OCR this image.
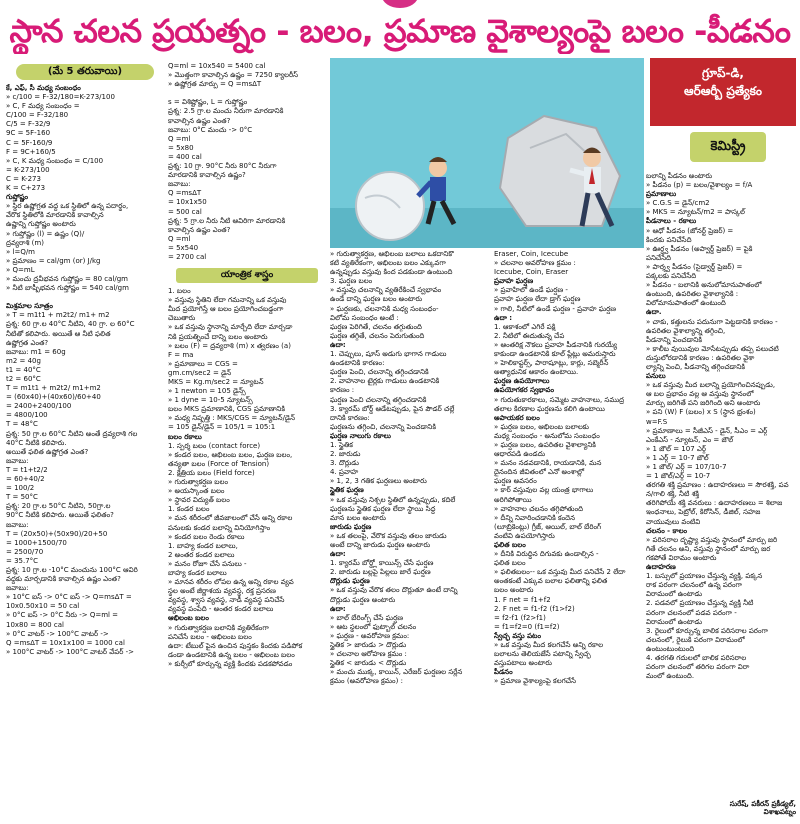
స్థాన చలన ప్రయత్నం - బలం, ప్రమాణ వైశాల్యంపై బలం -పీడనం
(మే 5 తరువాయి)
కే, ఎఫ్, సీ మధ్య సంబంధం
» c/100 = F-32/180=K-273/100
» C, F మధ్య సంబంధం =
C/100 = F-32/180
C/5 = F-32/9
9C = 5F-160
C = 5F-160/9
F = 9C+160/5
» C, K మధ్య సంబంధం = C/100
= K-273/100
C = K-273
K = C+273
గుప్తోష్ణం
» స్థిర ఉష్ణోగ్రత వద్ద ఒక స్థితిలో ఉన్న పదార్థం,
వేరొక స్థితిలోకి మారడానికి కావాల్సిన
ఉష్ణాన్ని గుప్తోష్ణం అంటారు
» గుప్తోష్ణం (l) = ఉష్ణం (Q)/
ద్రవ్యరాశి (m)
» l=Q/m
» ప్రమాణం = cal/gm (or) J/kg
» Q=mL
» మంచు ద్రవీభవన గుప్తోష్ణం = 80 cal/gm
» నీటి బాష్పీభవన గుప్తోష్ణం = 540 cal/gm

మిశ్రమాల సూత్రం
» T = m1t1 + m2t2/ m1+ m2
ప్రశ్న: 60 గ్రా.ల 40°C నీటిని, 40 గ్రా. ల 60°C
నీటితో కలిపారు. అయితే ఆ నీటి ఫలిత
ఉష్ణోగ్రత ఎంత?
జవాబు: m1 = 60g
m2 = 40g
t1 = 40°C
t2 = 60°C
T = m1t1 + m2t2/ m1+m2
= (60x40)+(40x60)/60+40
= 2400+2400/100
= 4800/100
T = 48°C
ప్రశ్న: 50 గ్రా.ల 60°C నీటిని అంతే ద్రవ్యరాశి గల
40°C నీటికి కలిపారు.
అయితే ఫలిత ఉష్ణోగ్రత ఎంత?
జవాబు:
T = t1+t2/2
= 60+40/2
= 100/2
T = 50°C
ప్రశ్న: 20 గ్రా.ల 50°C నీటిని, 50గ్రా.ల
90°C నీటికి కలిపారు. అయితే ఫలితం?
జవాబు:
T = (20x50)+(50x90)/20+50
= 1000+1500/70
= 2500/70
= 35.7°C
ప్రశ్న: 10 గ్రా.ల -10°C మంచును 100°C ఆవిరి
వద్దకు మార్చడానికి కావాల్సిన ఉష్ణం ఎంత?
జవాబు:
» 10°C ఐస్ -> 0°C ఐస్ -> Q=msΔT =
10x0.50x10 = 50 cal
» 0°C ఐస్ -> 0°C నీరు -> Q=ml =
10x80 = 800 cal
» 0°C వాటర్ -> 100°C వాటర్ ->
Q =msΔT = 10x1x100 = 1000 cal
» 100°C వాటర్ -> 100°C వాటర్ వేపర్ ->
Q=ml = 10x540 = 5400 cal
» మొత్తంగా కావాల్సిన ఉష్ణం = 7250 క్యాలరీస్
» ఉష్ణోగ్రత మార్పు = Q =msΔT

s = విశిష్టోష్ణం, L = గుప్తోష్ణం
ప్రశ్న: 2.5 గ్రా.ల మంచు నీరుగా మారడానికి
కావాల్సిన ఉష్ణం ఎంత?
జవాబు: 0°C మంచు -> 0°C
Q =ml
= 5x80
= 400 cal
ప్రశ్న: 10 గ్రా. 90°C నీరు 80°C నీరుగా
మారడానికి కావాల్సిన ఉష్ణం?
జవాబు:
Q =msΔT
= 10x1x50
= 500 cal
ప్రశ్న: 5 గ్రా.ల నీరు నీటి ఆవిరిగా మారడానికి
కావాల్సిన ఉష్ణం ఎంత?
Q =ml
= 5x540
= 2700 cal
యాంత్రిక శాస్త్రం
1. బలం
» వస్తువు స్థితిని లేదా గమనాన్ని ఒక వస్తువు
మీద ప్రయోగిస్తే ఆ బలం ప్రయోగించబడ్డంగా
చెబుతారు
» ఒక వస్తువు స్థానాన్ని మార్చేది లేదా మార్చడా
నికి ప్రయత్నించే దాన్ని బలం అంటారు
» బలం (F) = ద్రవ్యరాశి (m) x త్వరణం (a)
F = ma
» ప్రమాణాలు = CGS =
gm.cm/sec2 = డైన్
MKS = Kg.m/sec2 = న్యూటన్
» 1 newton = 105 డైన్స్
» 1 dyne = 10-5 న్యూటన్స్
బలం MKS ప్రమాణానికి, CGS ప్రమాణానికి
» మధ్య నిష్పత్తి : MKS/CGS = న్యూటన్/డైన్
= 105 డైన్/డైన్ = 105/1 = 105:1
బలం రకాలు
1. స్పర్శ బలం (contact force)
» కండర బలం, ఆభిలంబ బలం, ఘర్షణ బలం,
తన్యతా బలం (Force of Tension)
2. క్షేత్రియ బలం (Field force)
» గురుత్వాకర్షణ బలం
» అయస్కాంత బలం
» స్థావర విద్యుత్ బలం
1. కండర బలం
» మన శరీరంలో జీవజాలంలో చేసే అన్ని రకాల
పనులకు కండర బలాన్ని వినియోగిస్తాం
» కండర బలం రెండు రకాలు
1. బాహ్య కండర బలాలు,
2 అంతర కండర బలాలు
» మనం రోజూ చేసే పనులు -
బాహ్య కండర బలాలు
» మానవ శరీరం లోపల ఉన్న అన్ని రకాల వ్యవ
స్థల అంటే జీర్ణాశయ వ్యవస్థ, రక్త ప్రసరణ
వ్యవస్థ, శ్వాస వ్యవస్థ, నాడీ వ్యవస్థ పనిచేసే
వ్యవస్థ పంపేది - అంతర కండర బలాలు
ఆభిలంబ బలం
» గురుత్వాకర్షణ బలానికి వ్యతిరేకంగా
పనిచేసే బలం - ఆభిలంబ బలం
ఉదా: టేబుల్ పైన ఉంచిన పుస్తకం కిందకు పడిపోక
డండా ఉండటానికి ఉన్న బలం - ఆభిలంబ బలం
» కుర్చీలో కూర్చున్న వ్యక్తి కిందకు పడకపోవడం
గ్రూప్-డి,
ఆర్ఆర్బీ ప్రత్యేకం
కెమిస్ట్రీ
» గురుత్వాకర్షణ, ఆభిలంబ బలాలు ఒకదానికొ
కటి వ్యతిరేకంగా, ఆభిలంబ బలం ఎక్కువగా
ఉన్నప్పుడు వస్తువు కింద పడకుండా ఉంటుంది
3. ఘర్షణ బలం
» వస్తువు చలనాన్ని వ్యతిరేకించే స్వభావం
ఉండే దాన్ని ఘర్షణ బలం అంటారు
» ఘర్షణకు, చలనానికి మధ్య సంబంధం-
విలోమ సంబంధం అంటే :
ఘర్షణ పెరిగితే, చలనం తగ్గుతుంది
ఘర్షణ తగ్గితే, చలనం పెరుగుతుంది
ఉదా:
1. చెప్పులు, షూస్ అడుగు భాగాన గాడులు
ఉండటానికి కారణం:
ఘర్షణ పెంచి, చలనాన్ని తగ్గించడానికి
2. వాహనాల టైర్లకు గాడులు ఉండటానికి
కారణం :
ఘర్షణ పెంచి చలనాన్ని తగ్గించడానికి
3. క్యారమ్ బోర్డ్ ఆడేటప్పుడు, పైన పౌడర్ చల్లే
దానికి కారణం:
ఘర్షణను తగ్గించి, చలనాన్ని పెంచడానికి
ఘర్షణ నాలుగు రకాలు
1. స్థైతిక
2. జారుడు
3. దొర్లుడు
4. ప్రవాహ
» 1, 2, 3 గతిక ఘర్షణలు అంటారు
స్థైతిక ఘర్షణ
» ఒక వస్తువు నిశ్చల స్థితిలో ఉన్నప్పుడు, కదిలే
ఘర్షణను స్థైతిక ఘర్షణ లేదా స్థాయి సిద్ధ
మాన బలం అంటారు
జారుడు ఘర్షణ
» ఒక తలంపై, వేరొక వస్తువు తలం జారుడు
అంటే దాన్ని జారుడు ఘర్షణ అంటారు
ఉదా:
1. క్యారమ్ బోర్డ్లో కాయిన్స్ చేసే ఘర్షణ
2. జారుడు బల్లపై పిల్లలు జారే ఘర్షణ
దొర్లుడు ఘర్షణ
» ఒక వస్తువు వేరొక తలం దొర్లుతూ ఉంటే దాన్ని
దొర్లుడు ఘర్షణ అంటారు
ఉదా:
» బాల్ బేరింగ్స్ చేసే ఘర్షణ
» ఆట స్థలంలో ఫుట్బాల్ చలనం
» ఘర్షణ - అవరోహణ క్రమం:
స్థైతిక > జారుడు > దొర్లుడు
» చలనాల ఆరోహణ క్రమం :
స్థైతిక < జారుడు < దొర్లుడు
» మంచు ముక్క, కాయిన్, ఎరేజర్ ఘర్షణల సర్లేన
క్రమం (అవరోహణ క్రమం) :
Eraser, Coin, Icecube
» చలనాల ఆవరోహణ క్రమం :
Icecube, Coin, Eraser
ప్రవాహ ఘర్షణ
» ప్రవాహిలో ఉండే ఘర్షణ -
ప్రవాహ ఘర్షణ లేదా డ్రాగ్ ఘర్షణ
» గాలి, నీటిలో ఉండే ఘర్షణ - ప్రవాహ ఘర్షణ
ఉదా :
1. ఆకాశంలో ఎగిరే పక్షి
2. నీటిలో ఈదుతున్న చేప
» ఆంతరిక్ష నౌకలు ప్రవాహ పీడనానికి గురయ్యే
కాకుండా ఉండటానికి కూల్ ప్లేట్లు అమరుస్తారు
» హెలికాప్టర్స్, పారాషూట్లు, కార్లు, సబ్మెరీన్
అత్యాధునిక ఆకారం ఉంటాయి.
ఘర్షణ ఉపయోగాలు
ఉపయోగకర స్వభావం
» గురుతుకారకాలు, సమ్మెట వాహనాలు, సముద్ర
తలాల కిరణాల ఘర్షణను కలిగి ఉంటాయి
అపాయకర బలం
» ఘర్షణ బలం, ఆభిలంబ బలాలకు
మధ్య సంబంధం - అనులోమ సంబంధం
» ఘర్షణ బలం, ఉపరితల వైశాల్యానికి
ఆధారపడి ఉండదు
» మనం నడవడానికి, రాయడానికి, మన
దైనందిన జీవితంలో ఎనో అంశాల్లో
ఘర్షణ అవసరం
» కార్ వస్తువుల వల్ల యంత్ర భాగాలు
అరిగిపోతాయి
» వాహనాల చలనం తగ్గిపోతుంది
» దీన్ని నివారించడానికి కందెన
(లూబ్రికెంట్లు) గ్రీజ్, ఆయిల్, బాల్ బేరింగ్
వంటివి ఉపయోగిస్తారు
ఫలిత బలం
» దీనికి విరుద్ధిన దిగువకు ఉండాల్సిన -
ఫలిత బలం
» ఫలితబలం-- ఒక వస్తువు మీద పనిచేసే 2 లేదా
అంతకంటే ఎక్కువ బలాల ఫలితాన్ని ఫలిత
బలం అంటారు
1. F net = f1+f2
2. F net = f1-f2 (f1>f2)
= f2-f1 (f2>f1)
= f1=f2=0 (f1=f2)
స్వేచ్ఛ వస్తు పటం
» ఒక వస్తువు మీద కలగచేసే అన్ని రకాల
బలాలను తెలియజేసే పటాన్ని స్వేచ్ఛ
వస్తుపటాలు అంటారు
పీడనం
» ప్రమాణ వైశాల్యంపై కలగచేసే
బలాన్ని పీడనం అంటారు
» పీడనం (p) = బలం/వైశాల్యం = f/A
ప్రమాణాలు
» C.G.S = డైన్/cm2
» MKS = న్యూటన్/m2 = పాస్కల్
పీడనాలు - రకాలు
» ఆధో పీడనం (జోనర్ట్ ప్రెజర్) =
కిందకు పనిచేసేది
» ఊర్ధ్వ పీడనం (అప్వార్డ్ ప్రెజర్) = పైకి
పనిచేసేది
» పార్శ్వ పీడనం (సైడ్వార్డ్ ప్రెజర్) =
పక్కలకు పనిచేసేది
» పీడనం - బలానికి అనులోమానుపాతంలో
ఉంటుంది, ఉపరితల వైశాల్యానికి :
విలోమానుపాతంలో ఉంటుంది
ఉదా.
» చాకు, కత్తులను పదునుగా పెట్టడానికి కారణం -
ఉపరితల వైశాల్యాన్ని తగ్గించి,
పీడనాన్ని పెంచడానికి
» కాలీబ వుయివుల మోసేటప్పుడు తప్ప పలుచటి
దుస్తులోరడానికి కారణం : ఉపరితల వైశా
ల్యాన్ని పెంచి, పీడనాన్ని తగ్గించడానికి
పనులు
» ఒక వస్తువు మీద బలాన్ని ప్రయోగించినప్పుడు,
ఆ బల ప్రభావం వల్ల ఆ వస్తువు స్థానంలో
మార్పు జరిగితే పని జరిగింది అని అంటారు
» పని (W) F (బలం) x S (స్థాన భ్రంశం)
w=F.S
» ప్రమాణాలు = సీజీఎస్ - డైన్, సీఎం = ఎర్గ్
ఎంకేఎస్ - న్యూటన్, ఎం = జౌల్
» 1 జౌల్ = 107 ఎర్గ్
» 1 ఎర్గ్ = 10-7 జౌల్
» 1 జౌల్/ ఎర్గ్ = 107/10-7
= 1 జౌల్/ఎర్గ్ = 10-7
తరగతి శక్తి ప్రమాణం : ఉదాహరణలు = సౌరశక్తి, పవ
న/గాలి శక్తి, నీటి శక్తి
తరిగిపోయే శక్తి వనరులు : ఉదాహరణలు = శిలాజ
ఇంధనాలు, పెట్రోల్, కిరోసిన్, డీజిల్, సహజ
వాయువులు వంటివి
చలనం - కాలం
» పరిసరాల దృష్ట్యా వస్తువు స్థానంలో మార్పు జరి
గితే చలనం అని, వస్తువు స్థానంలో మార్పు జర
గకపోతే విరామం అంటారు
ఉదాహరణ
1. బస్సులో ప్రయాణం చేస్తున్న వ్యక్తి, పక్కన
రాక పరంగా చలనంలో ఉన్న పరంగా
విరామంలో ఉంటాడు
2. పడవలో ప్రయాణం చేస్తున్న వ్యక్తి నీటి
పరంగా చలనంలో పడవ పరంగా -
విరామంలో ఉంటాడు
3. రైలులో కూర్చున్న బాలిక పరిసరాల పరంగా
చలనంలో, రైలుకి పరంగా విరామంలో
ఉంటుంటుంటుంది
4. తరగతి గదులలో బాలిక పరిసరాల
పరంగా చలనంలో తరిగల పరంగా విరా
మంలో ఉంటుంది.
సురేష్, పకీరన్ ప్రకీడ్యల్,
విశాఖపట్నం
